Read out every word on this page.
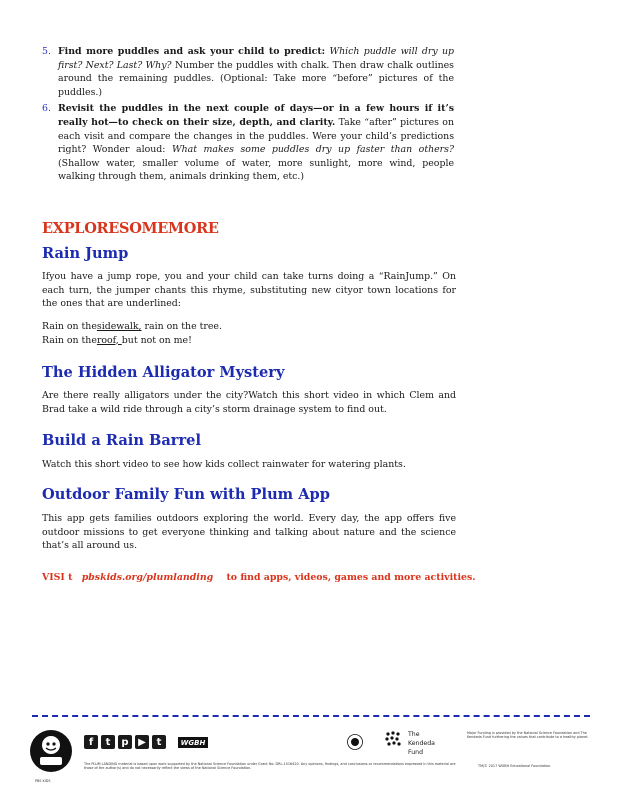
5. Find more puddles and ask your child to predict: Which puddle will dry up first? Next? Last? Why? Number the puddles with chalk. Then draw chalk outlines around the remaining puddles. (Optional: Take more “before” pictures of the puddles.)
6. Revisit the puddles in the next couple of days—or in a few hours if it’s really hot—to check on their size, depth, and clarity. Take “after” pictures on each visit and compare the changes in the puddles. Were your child’s predictions right? Wonder aloud: What makes some puddles dry up faster than others? (Shallow water, smaller volume of water, more sunlight, more wind, people walking through them, animals drinking them, etc.)
EXPLORESOMEMORE
Rain Jump
Ifyou have a jump rope, you and your child can take turns doing a “RainJump.” On each turn, the jumper chants this rhyme, substituting new cityor town locations for the ones that are underlined:
Rain on thesidewalk, rain on the tree.
Rain on theroof, but not on me!
The Hidden Alligator Mystery
Are there really alligators under the city?Watch this short video in which Clem and Brad take a wild ride through a city’s storm drainage system to find out.
Build a Rain Barrel
Watch this short video to see how kids collect rainwater for watering plants.
Outdoor Family Fun with Plum App
This app gets families outdoors exploring the world. Every day, the app offers five outdoor missions to get everyone thinking and talking about nature and the science that’s all around us.
VISI t pbskids.org/plumlanding to find apps, videos, games and more activities.
PBS KIDS
f	t	p ▶	t	WGBH
The Kendeda Fund
Major Funding is provided by the National Science Foundation and The Kendeda Fund furthering the values that contribute to a healthy planet.
The PLUM LANDING material is based upon work supported by the National Science Foundation under Grant No. DRL-1516420. Any opinions, findings, and conclusions or recommendations expressed in this material are those of the author(s) and do not necessarily reflect the views of the National Science Foundation.
TM/© 2017 WGBH Educational Foundation.
